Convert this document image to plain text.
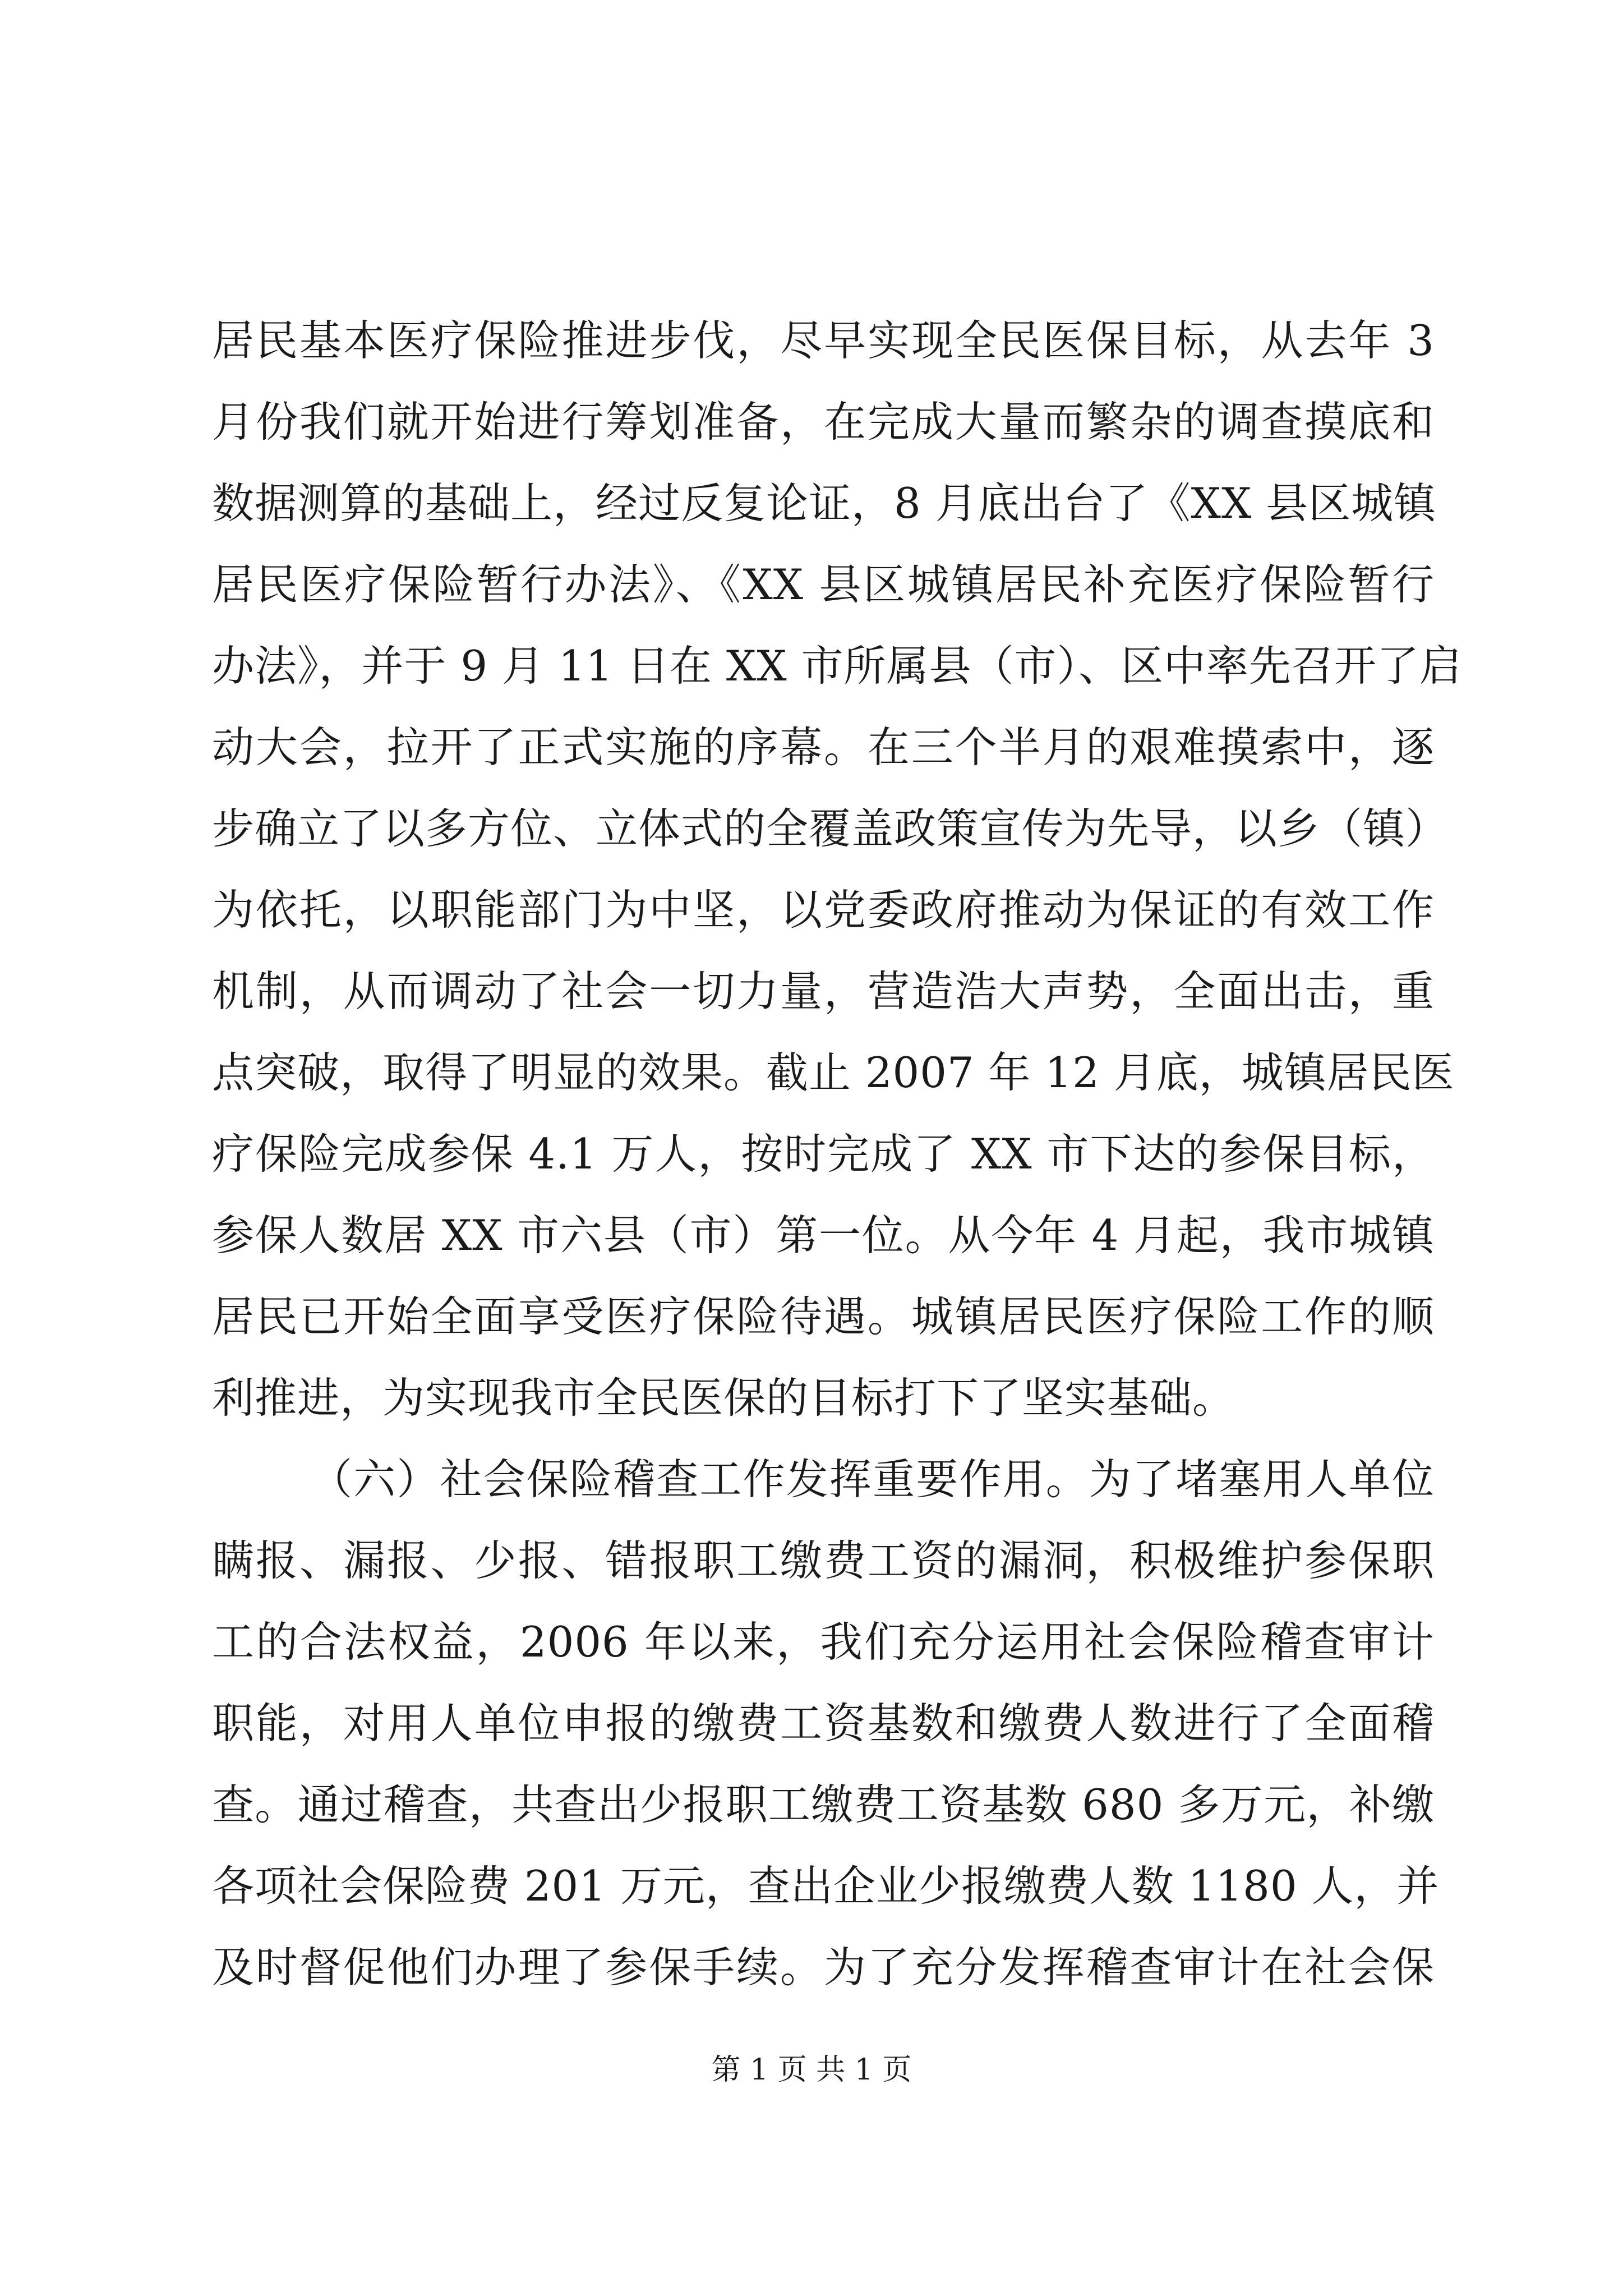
居民基本医疗保险推进步伐，尽早实现全民医保目标，从去年 3
月份我们就开始进行筹划准备，在完成大量而繁杂的调查摸底和
数据测算的基础上，经过反复论证，8 月底出台了《XX 县区城镇
居民医疗保险暂行办法》、《XX 县区城镇居民补充医疗保险暂行
办法》，并于 9 月 11 日在 XX 市所属县（市）、区中率先召开了启
动大会，拉开了正式实施的序幕。在三个半月的艰难摸索中，逐
步确立了以多方位、立体式的全覆盖政策宣传为先导，以乡（镇）
为依托，以职能部门为中坚，以党委政府推动为保证的有效工作
机制，从而调动了社会一切力量，营造浩大声势，全面出击，重
点突破，取得了明显的效果。截止 2007 年 12 月底，城镇居民医
疗保险完成参保 4.1 万人，按时完成了 XX 市下达的参保目标，
参保人数居 XX 市六县（市）第一位。从今年 4 月起，我市城镇
居民已开始全面享受医疗保险待遇。城镇居民医疗保险工作的顺
利推进，为实现我市全民医保的目标打下了坚实基础。
（六）社会保险稽查工作发挥重要作用。为了堵塞用人单位
瞒报、漏报、少报、错报职工缴费工资的漏洞，积极维护参保职
工的合法权益，2006 年以来，我们充分运用社会保险稽查审计
职能，对用人单位申报的缴费工资基数和缴费人数进行了全面稽
查。通过稽查，共查出少报职工缴费工资基数 680 多万元，补缴
各项社会保险费 201 万元，查出企业少报缴费人数 1180 人，并
及时督促他们办理了参保手续。为了充分发挥稽查审计在社会保
第 1 页 共 1 页
